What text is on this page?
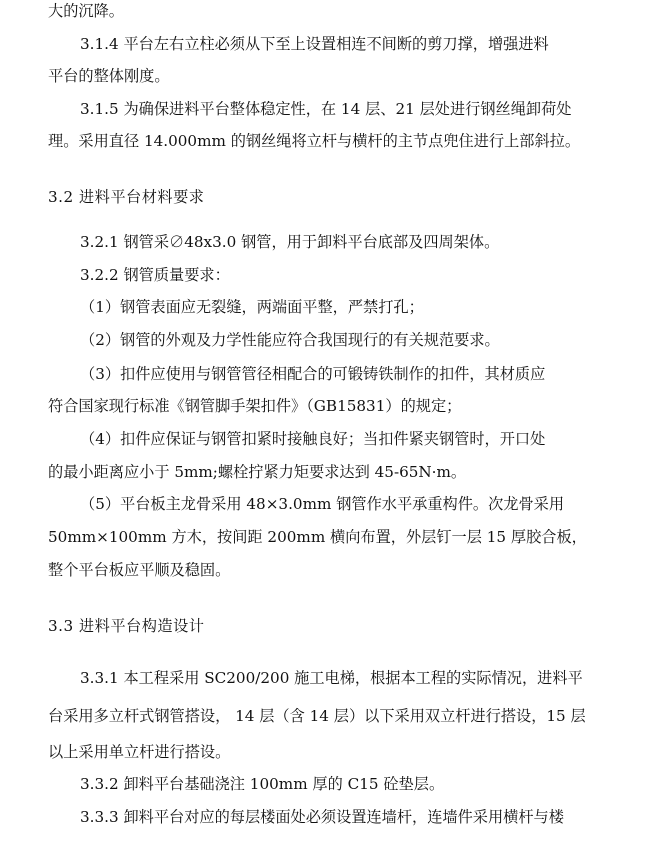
大的沉降。
3.1.4 平台左右立柱必须从下至上设置相连不间断的剪刀撑，增强进料
平台的整体刚度。
3.1.5 为确保进料平台整体稳定性，在 14 层、21 层处进行钢丝绳卸荷处
理。采用直径 14.000mm 的钢丝绳将立杆与横杆的主节点兜住进行上部斜拉。
3.2 进料平台材料要求
3.2.1 钢管采∅48x3.0 钢管，用于卸料平台底部及四周架体。
3.2.2 钢管质量要求：
（1）钢管表面应无裂缝，两端面平整，严禁打孔；
（2）钢管的外观及力学性能应符合我国现行的有关规范要求。
（3）扣件应使用与钢管管径相配合的可锻铸铁制作的扣件，其材质应
符合国家现行标准《钢管脚手架扣件》（GB15831）的规定；
（4）扣件应保证与钢管扣紧时接触良好；当扣件紧夹钢管时，开口处
的最小距离应小于 5mm;螺栓拧紧力矩要求达到 45-65N·m。
（5）平台板主龙骨采用 48×3.0mm 钢管作水平承重构件。次龙骨采用
50mm×100mm 方木，按间距 200mm 横向布置，外层钉一层 15 厚胶合板，
整个平台板应平顺及稳固。
3.3 进料平台构造设计
3.3.1 本工程采用 SC200/200 施工电梯，根据本工程的实际情况，进料平
台采用多立杆式钢管搭设， 14 层（含 14 层）以下采用双立杆进行搭设，15 层
以上采用单立杆进行搭设。
3.3.2 卸料平台基础浇注 100mm 厚的 C15 砼垫层。
3.3.3 卸料平台对应的每层楼面处必须设置连墙杆，连墙件采用横杆与楼
